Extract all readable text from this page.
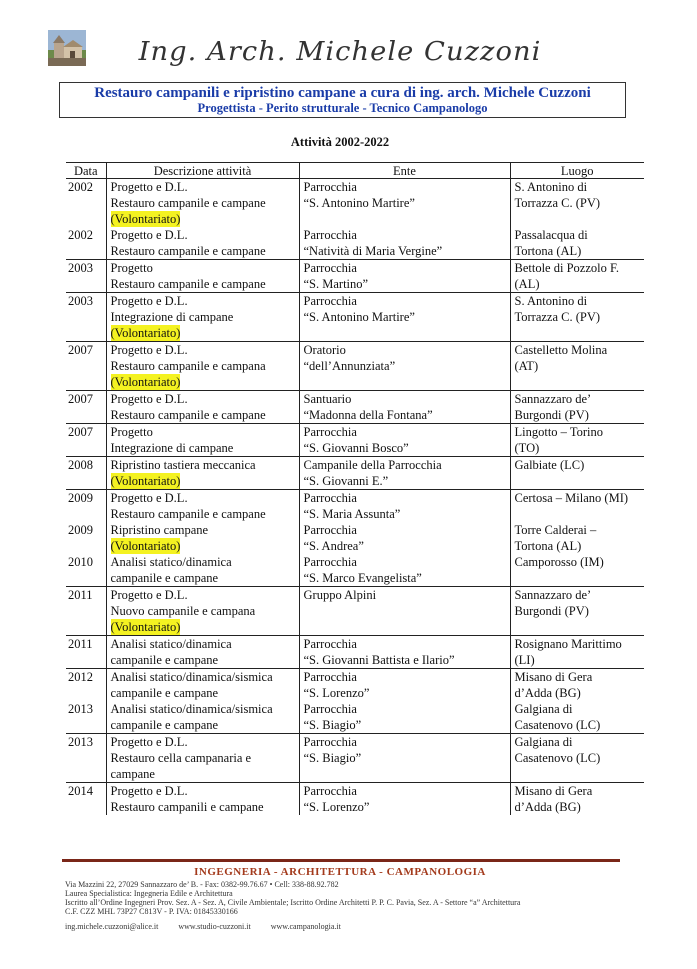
Ing. Arch. Michele Cuzzoni
Restauro campanili e ripristino campane a cura di ing. arch. Michele Cuzzoni
Progettista - Perito strutturale - Tecnico Campanologo
Attività 2002-2022
Data	Descrizione attività	Ente	Luogo
2002	Progetto e D.L.
Restauro campanile e campane
(Volontariato)	Parrocchia
“S. Antonino Martire”	S. Antonino di
Torrazza C. (PV)

2002	Progetto e D.L.
Restauro campanile e campane	Parrocchia
“Natività di Maria Vergine”	Passalacqua di
Tortona (AL)

2003	Progetto
Restauro campanile e campane	Parrocchia
“S. Martino”	Bettole di Pozzolo F.
(AL)

2003	Progetto e D.L.
Integrazione di campane
(Volontariato)	Parrocchia
“S. Antonino Martire”	S. Antonino di
Torrazza C. (PV)

2007	Progetto e D.L.
Restauro campanile e campana
(Volontariato)	Oratorio
“dell’Annunziata”	Castelletto Molina
(AT)

2007	Progetto e D.L.
Restauro campanile e campane	Santuario
“Madonna della Fontana”	Sannazzaro de’
Burgondi (PV)

2007	Progetto
Integrazione di campane	Parrocchia
“S. Giovanni Bosco”	Lingotto – Torino
(TO)

2008	Ripristino tastiera meccanica
(Volontariato)	Campanile della Parrocchia
“S. Giovanni E.”	Galbiate (LC)

2009	Progetto e D.L.
Restauro campanile e campane	Parrocchia
“S. Maria Assunta”	Certosa – Milano (MI)

2009	Ripristino campane
(Volontariato)	Parrocchia
“S. Andrea”	Torre Calderai –
Tortona (AL)

2010	Analisi statico/dinamica
campanile e campane	Parrocchia
“S. Marco Evangelista”	Camporosso (IM)

2011	Progetto e D.L.
Nuovo campanile e campana
(Volontariato)	Gruppo Alpini	Sannazzaro de’
Burgondi (PV)

2011	Analisi statico/dinamica
campanile e campane	Parrocchia
“S. Giovanni Battista e Ilario”	Rosignano Marittimo
(LI)

2012	Analisi statico/dinamica/sismica
campanile e campane	Parrocchia
“S. Lorenzo”	Misano di Gera
d’Adda (BG)

2013	Analisi statico/dinamica/sismica
campanile e campane	Parrocchia
“S. Biagio”	Galgiana di
Casatenovo (LC)

2013	Progetto e D.L.
Restauro cella campanaria e
campane	Parrocchia
“S. Biagio”	Galgiana di
Casatenovo (LC)

2014	Progetto e D.L.
Restauro campanili e campane	Parrocchia
“S. Lorenzo”	Misano di Gera
d’Adda (BG)
INGEGNERIA - ARCHITETTURA - CAMPANOLOGIA
Via Mazzini 22, 27029 Sannazzaro de’ B. - Fax: 0382-99.76.67 • Cell: 338-88.92.782
Laurea Specialistica: Ingegneria Edile e Architettura
Iscritto all’Ordine Ingegneri Prov. Sez. A - Sez. A, Civile Ambientale; Iscritto Ordine Architetti P. P. C. Pavia, Sez. A - Settore “a” Architettura
C.F. CZZ MHL 73P27 C813V - P. IVA: 01845330166
ing.michele.cuzzoni@alice.it	www.studio-cuzzoni.it	www.campanologia.it
